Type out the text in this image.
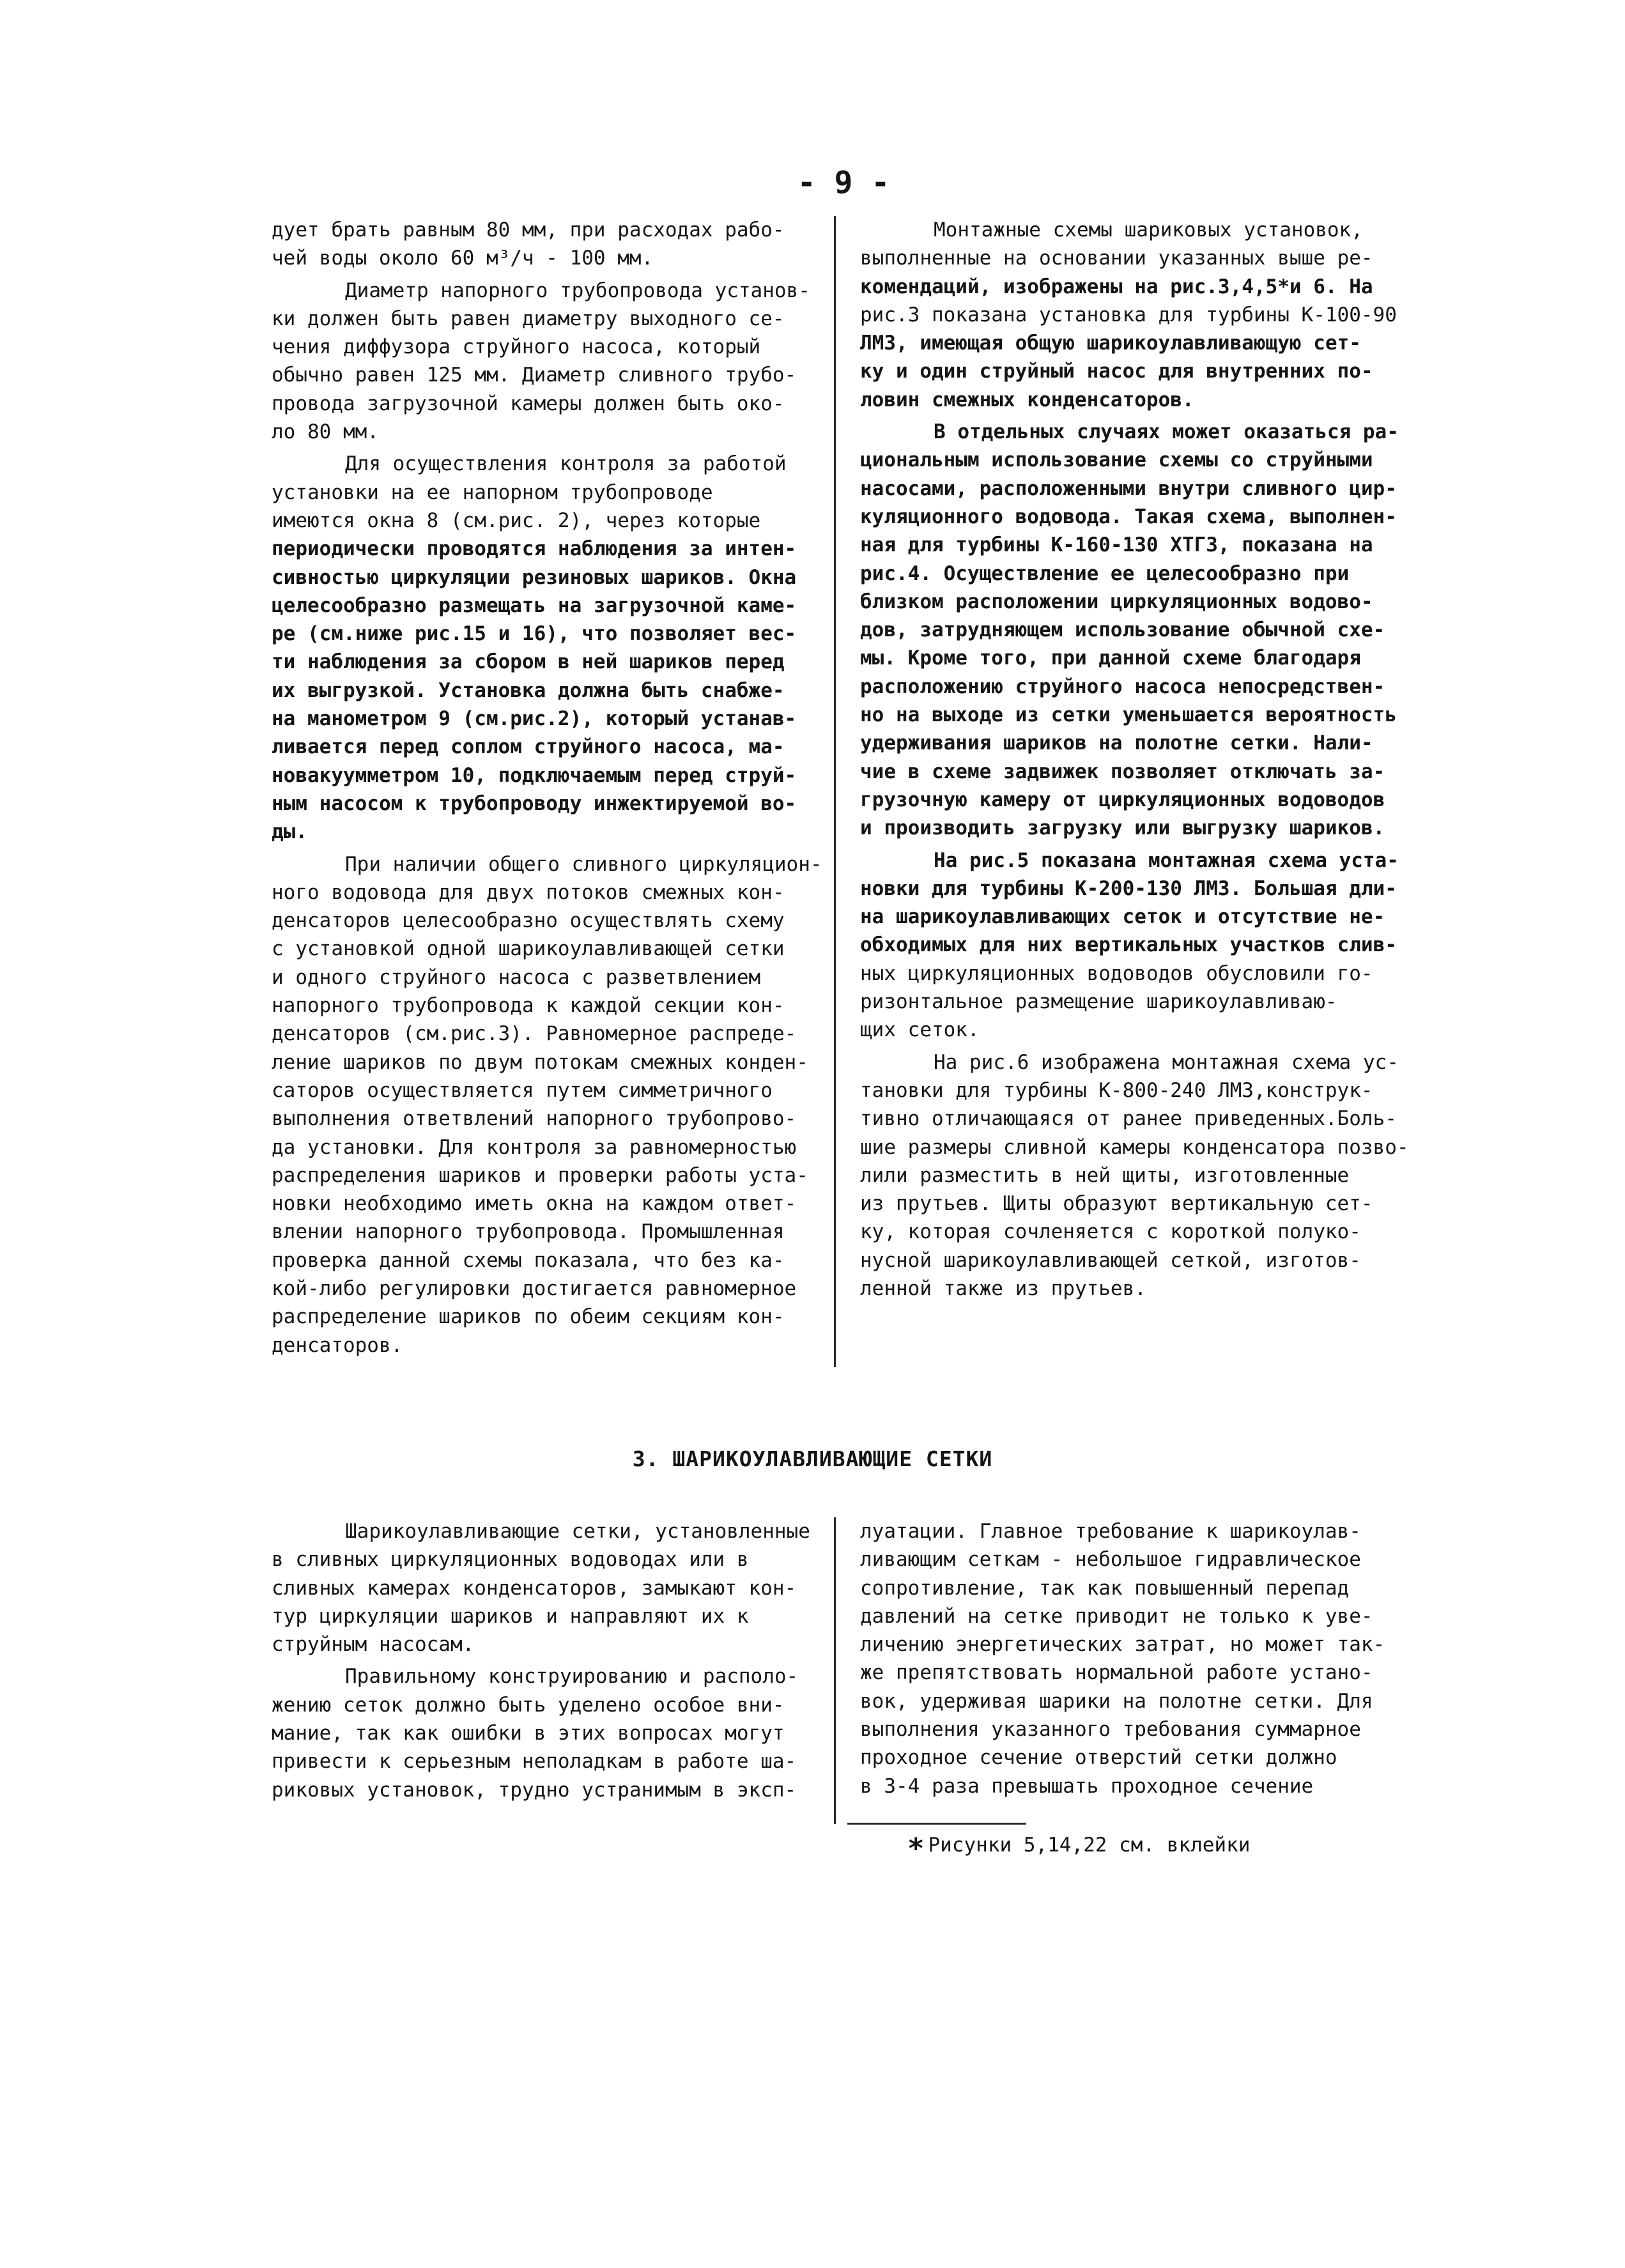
- 9 -
дует брать равным 80 мм, при расходах рабо-
чей воды около 60 м³/ч - 100 мм.
Диаметр напорного трубопровода установ-
ки должен быть равен диаметру выходного се-
чения диффузора струйного насоса, который
обычно равен 125 мм. Диаметр сливного трубо-
провода загрузочной камеры должен быть око-
ло 80 мм.
Для осуществления контроля за работой
установки на ее напорном трубопроводе
имеются окна 8 (см.рис. 2), через которые
периодически проводятся наблюдения за интен-
сивностью циркуляции резиновых шариков. Окна
целесообразно размещать на загрузочной каме-
ре (см.ниже рис.15 и 16), что позволяет вес-
ти наблюдения за сбором в ней шариков перед
их выгрузкой. Установка должна быть снабже-
на манометром 9 (см.рис.2), который устанав-
ливается перед соплом струйного насоса, ма-
новакуумметром 10, подключаемым перед струй-
ным насосом к трубопроводу инжектируемой во-
ды.
При наличии общего сливного циркуляцион-
ного водовода для двух потоков смежных кон-
денсаторов целесообразно осуществлять схему
с установкой одной шарикоулавливающей сетки
и одного струйного насоса с разветвлением
напорного трубопровода к каждой секции кон-
денсаторов (см.рис.3). Равномерное распреде-
ление шариков по двум потокам смежных конден-
саторов осуществляется путем симметричного
выполнения ответвлений напорного трубопрово-
да установки. Для контроля за равномерностью
распределения шариков и проверки работы уста-
новки необходимо иметь окна на каждом ответ-
влении напорного трубопровода. Промышленная
проверка данной схемы показала, что без ка-
кой-либо регулировки достигается равномерное
распределение шариков по обеим секциям кон-
денсаторов.
Монтажные схемы шариковых установок,
выполненные на основании указанных выше ре-
комендаций, изображены на рис.3,4,5*и 6. На
рис.3 показана установка для турбины К-100-90
ЛМЗ, имеющая общую шарикоулавливающую сет-
ку и один струйный насос для внутренних по-
ловин смежных конденсаторов.
В отдельных случаях может оказаться ра-
циональным использование схемы со струйными
насосами, расположенными внутри сливного цир-
куляционного водовода. Такая схема, выполнен-
ная для турбины К-160-130 ХТГЗ, показана на
рис.4. Осуществление ее целесообразно при
близком расположении циркуляционных водово-
дов, затрудняющем использование обычной схе-
мы. Кроме того, при данной схеме благодаря
расположению струйного насоса непосредствен-
но на выходе из сетки уменьшается вероятность
удерживания шариков на полотне сетки. Нали-
чие в схеме задвижек позволяет отключать за-
грузочную камеру от циркуляционных водоводов
и производить загрузку или выгрузку шариков.
На рис.5 показана монтажная схема уста-
новки для турбины К-200-130 ЛМЗ. Большая дли-
на шарикоулавливающих сеток и отсутствие не-
обходимых для них вертикальных участков слив-
ных циркуляционных водоводов обусловили го-
ризонтальное размещение шарикоулавливаю-
щих сеток.
На рис.6 изображена монтажная схема ус-
тановки для турбины К-800-240 ЛМЗ,конструк-
тивно отличающаяся от ранее приведенных.Боль-
шие размеры сливной камеры конденсатора позво-
лили разместить в ней щиты, изготовленные
из прутьев. Щиты образуют вертикальную сет-
ку, которая сочленяется с короткой полуко-
нусной шарикоулавливающей сеткой, изготов-
ленной также из прутьев.
3. ШАРИКОУЛАВЛИВАЮЩИЕ СЕТКИ
Шарикоулавливающие сетки, установленные
в сливных циркуляционных водоводах или в
сливных камерах конденсаторов, замыкают кон-
тур циркуляции шариков и направляют их к
струйным насосам.
Правильному конструированию и располо-
жению сеток должно быть уделено особое вни-
мание, так как ошибки в этих вопросах могут
привести к серьезным неполадкам в работе ша-
риковых установок, трудно устранимым в эксп-
луатации. Главное требование к шарикоулав-
ливающим сеткам - небольшое гидравлическое
сопротивление, так как повышенный перепад
давлений на сетке приводит не только к уве-
личению энергетических затрат, но может так-
же препятствовать нормальной работе устано-
вок, удерживая шарики на полотне сетки. Для
выполнения указанного требования суммарное
проходное сечение отверстий сетки должно
в 3-4 раза превышать проходное сечение
* Рисунки 5,14,22 см. вклейки
